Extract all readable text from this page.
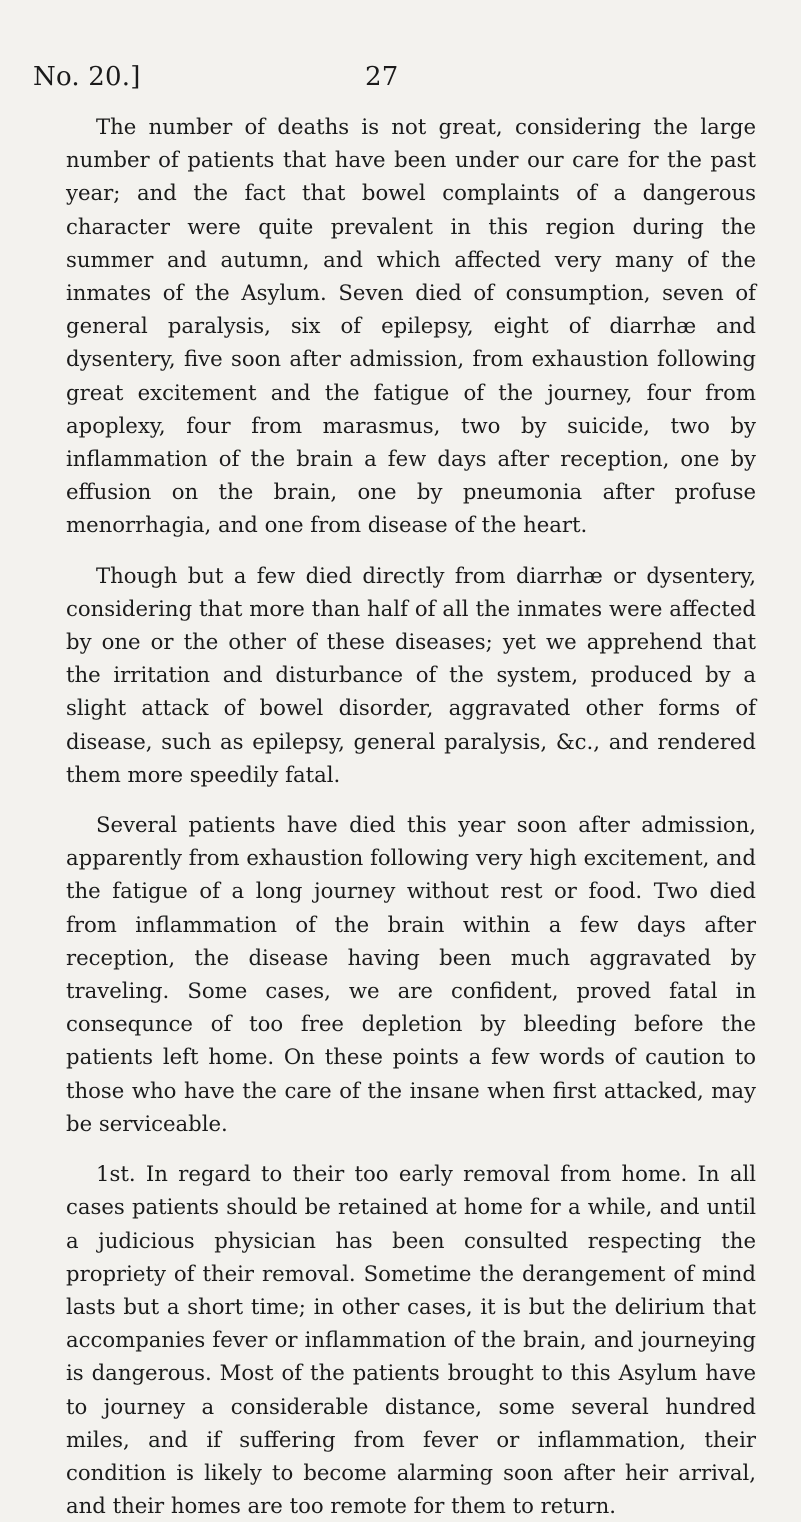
No. 20.]	27

The number of deaths is not great, considering the large number of patients that have been under our care for the past year; and the fact that bowel complaints of a dangerous character were quite prevalent in this region during the summer and autumn, and which affected very many of the inmates of the Asylum. Seven died of consumption, seven of general paralysis, six of epilepsy, eight of diarrhæ and dysentery, five soon after admission, from exhaustion following great excitement and the fatigue of the journey, four from apoplexy, four from marasmus, two by suicide, two by inflammation of the brain a few days after reception, one by effusion on the brain, one by pneumonia after profuse menorrhagia, and one from disease of the heart.

Though but a few died directly from diarrhæ or dysentery, considering that more than half of all the inmates were affected by one or the other of these diseases; yet we apprehend that the irritation and disturbance of the system, produced by a slight attack of bowel disorder, aggravated other forms of disease, such as epilepsy, general paralysis, &c., and rendered them more speedily fatal.

Several patients have died this year soon after admission, apparently from exhaustion following very high excitement, and the fatigue of a long journey without rest or food. Two died from inflammation of the brain within a few days after reception, the disease having been much aggravated by traveling. Some cases, we are confident, proved fatal in consequnce of too free depletion by bleeding before the patients left home. On these points a few words of caution to those who have the care of the insane when first attacked, may be serviceable.

1st. In regard to their too early removal from home. In all cases patients should be retained at home for a while, and until a judicious physician has been consulted respecting the propriety of their removal. Sometime the derangement of mind lasts but a short time; in other cases, it is but the delirium that accompanies fever or inflammation of the brain, and journeying is dangerous. Most of the patients brought to this Asylum have to journey a considerable distance, some several hundred miles, and if suffering from fever or inflammation, their condition is likely to become alarming soon after heir arrival, and their homes are too remote for them to return.
